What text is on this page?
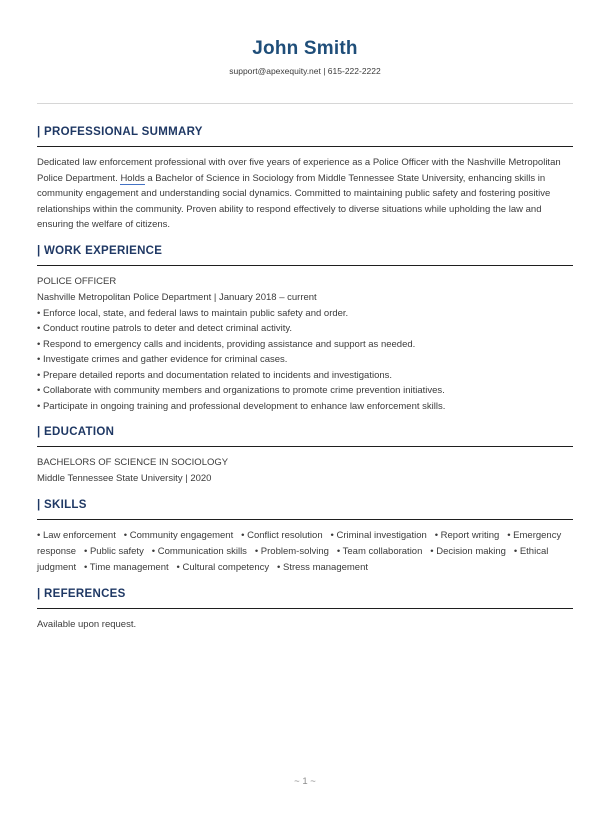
John Smith
support@apexequity.net | 615-222-2222
| PROFESSIONAL SUMMARY
Dedicated law enforcement professional with over five years of experience as a Police Officer with the Nashville Metropolitan Police Department. Holds a Bachelor of Science in Sociology from Middle Tennessee State University, enhancing skills in community engagement and understanding social dynamics. Committed to maintaining public safety and fostering positive relationships within the community. Proven ability to respond effectively to diverse situations while upholding the law and ensuring the welfare of citizens.
| WORK EXPERIENCE
POLICE OFFICER
Nashville Metropolitan Police Department | January 2018 – current
• Enforce local, state, and federal laws to maintain public safety and order.
• Conduct routine patrols to deter and detect criminal activity.
• Respond to emergency calls and incidents, providing assistance and support as needed.
• Investigate crimes and gather evidence for criminal cases.
• Prepare detailed reports and documentation related to incidents and investigations.
• Collaborate with community members and organizations to promote crime prevention initiatives.
• Participate in ongoing training and professional development to enhance law enforcement skills.
| EDUCATION
BACHELORS OF SCIENCE IN SOCIOLOGY
Middle Tennessee State University | 2020
| SKILLS
• Law enforcement   • Community engagement   • Conflict resolution   • Criminal investigation   • Report writing   • Emergency response   • Public safety   • Communication skills   • Problem-solving   • Team collaboration   • Decision making   • Ethical judgment   • Time management   • Cultural competency   • Stress management
| REFERENCES
Available upon request.
~ 1 ~
